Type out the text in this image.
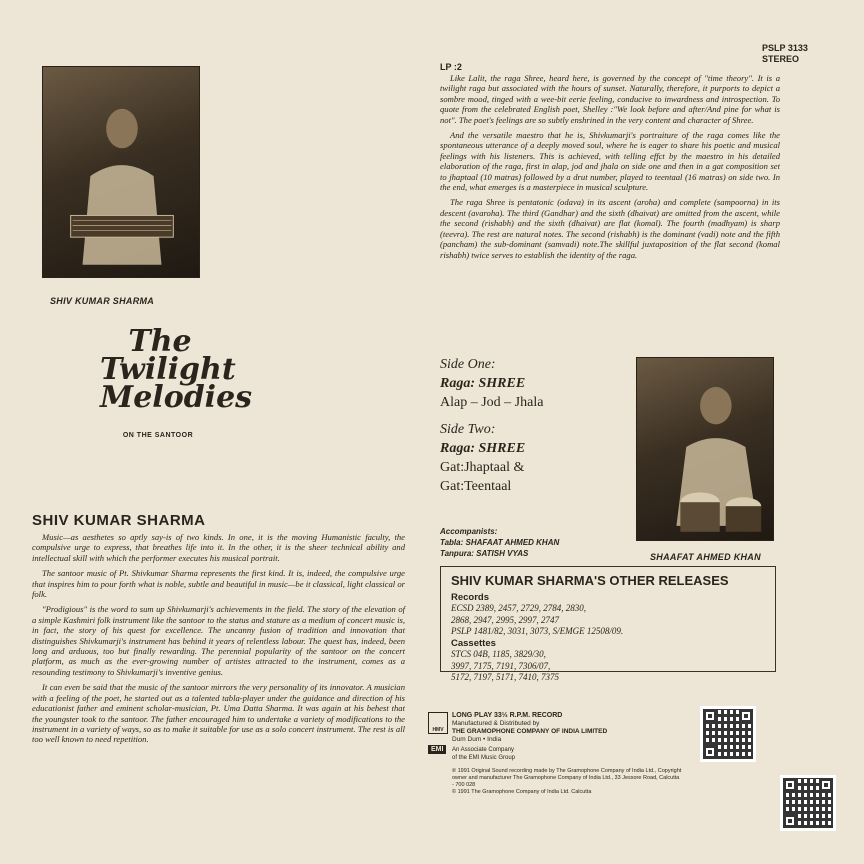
SHIV KUMAR SHARMA
The
Twilight
Melodies
ON THE SANTOOR
SHIV KUMAR SHARMA

Music—as aesthetes so aptly say-is of two kinds. In one, it is the moving Humanistic faculty, the compulsive urge to express, that breathes life into it. In the other, it is the sheer technical ability and intellectual skill with which the performer executes his musical portrait.

The santoor music of Pt. Shivkumar Sharma represents the first kind. It is, indeed, the compulsive urge that inspires him to pour forth what is noble, subtle and beautiful in music—be it classical, light classical or folk.

"Prodigious" is the word to sum up Shivkumarji's achievements in the field. The story of the elevation of a simple Kashmiri folk instrument like the santoor to the status and stature as a medium of concert music is, in fact, the story of his quest for excellence. The uncanny fusion of tradition and innovation that distinguishes Shivkumarji's instrument has behind it years of relentless labour. The quest has, indeed, been long and arduous, too but finally rewarding. The perennial popularity of the santoor on the concert platform, as much as the ever-growing number of artistes attracted to the instrument, comes as a resounding testimony to Shivkumarji's inventive genius.

It can even be said that the music of the santoor mirrors the very personality of its innovator. A musician with a feeling of the poet, he started out as a talented tabla-player under the guidance and direction of his educationist father and eminent scholar-musician, Pt. Uma Datta Sharma. It was again at his behest that the youngster took to the santoor. The father encouraged him to undertake a variety of modifications to the instrument in a variety of ways, so as to make it suitable for use as a solo concert instrument. The rest is all too well known to need repetition.

PSLP 3133
STEREO
LP :2

Like Lalit, the raga Shree, heard here, is governed by the concept of "time theory". It is a twilight raga but associated with the hours of sunset. Naturally, therefore, it purports to depict a sombre mood, tinged with a wee-bit eerie feeling, conducive to inwardness and introspection. To quote from the celebrated English poet, Shelley :"We look before and after/And pine for what is not". The poet's feelings are so subtly enshrined in the very content and character of Shree.

And the versatile maestro that he is, Shivkumarji's portraiture of the raga comes like the spontaneous utterance of a deeply moved soul, where he is eager to share his poetic and musical feelings with his listeners. This is achieved, with telling effct by the maestro in his detailed elaboration of the raga, first in alap, jod and jhala on side one and then in a gat composition set to jhaptaal (10 matras) followed by a drut number, played to teentaal (16 matras) on side two. In the end, what emerges is a masterpiece in musical sculpture.

The raga Shree is pentatonic (odava) in its ascent (aroha) and complete (sampoorna) in its descent (avaroha). The third (Gandhar) and the sixth (dhaivat) are omitted from the ascent, while the second (rishabh) and the sixth (dhaivat) are flat (komal). The fourth (madhyam) is sharp (teevra). The rest are natural notes. The second (rishabh) is the dominant (vadi) note and the fifth (pancham) the sub-dominant (samvadi) note.The skillful juxtaposition of the flat second (komal rishabh) twice serves to establish the identity of the raga.

Side One:
Raga: SHREE
Alap – Jod – Jhala
Side Two:
Raga: SHREE
Gat:Jhaptaal &
Gat:Teentaal
SHAAFAT AHMED KHAN
Accompanists:
Tabla: SHAFAAT AHMED KHAN
Tanpura: SATISH VYAS
SHIV KUMAR SHARMA'S OTHER RELEASES
Records
ECSD 2389, 2457, 2729, 2784, 2830,
2868, 2947, 2995, 2997, 2747
PSLP 1481/82, 3031, 3073, S/EMGE 12508/09.
Cassettes
STCS 04B, 1185, 3829/30,
3997, 7175, 7191, 7306/07,
5172, 7197, 5171, 7410, 7375
HMV
LONG PLAY 33⅓ R.P.M. RECORD
Manufactured & Distributed by
THE GRAMOPHONE COMPANY OF INDIA LIMITED
Dum Dum • India
EMI	An Associate Company
of the EMI Music Group
℗ 1991 Original Sound recording made by The Gramophone Company of India Ltd., Copyright owner and manufacturer The Gramophone Company of India Ltd., 33 Jessore Road, Calcutta - 700 028
© 1991 The Gramophone Company of India Ltd. Calcutta
